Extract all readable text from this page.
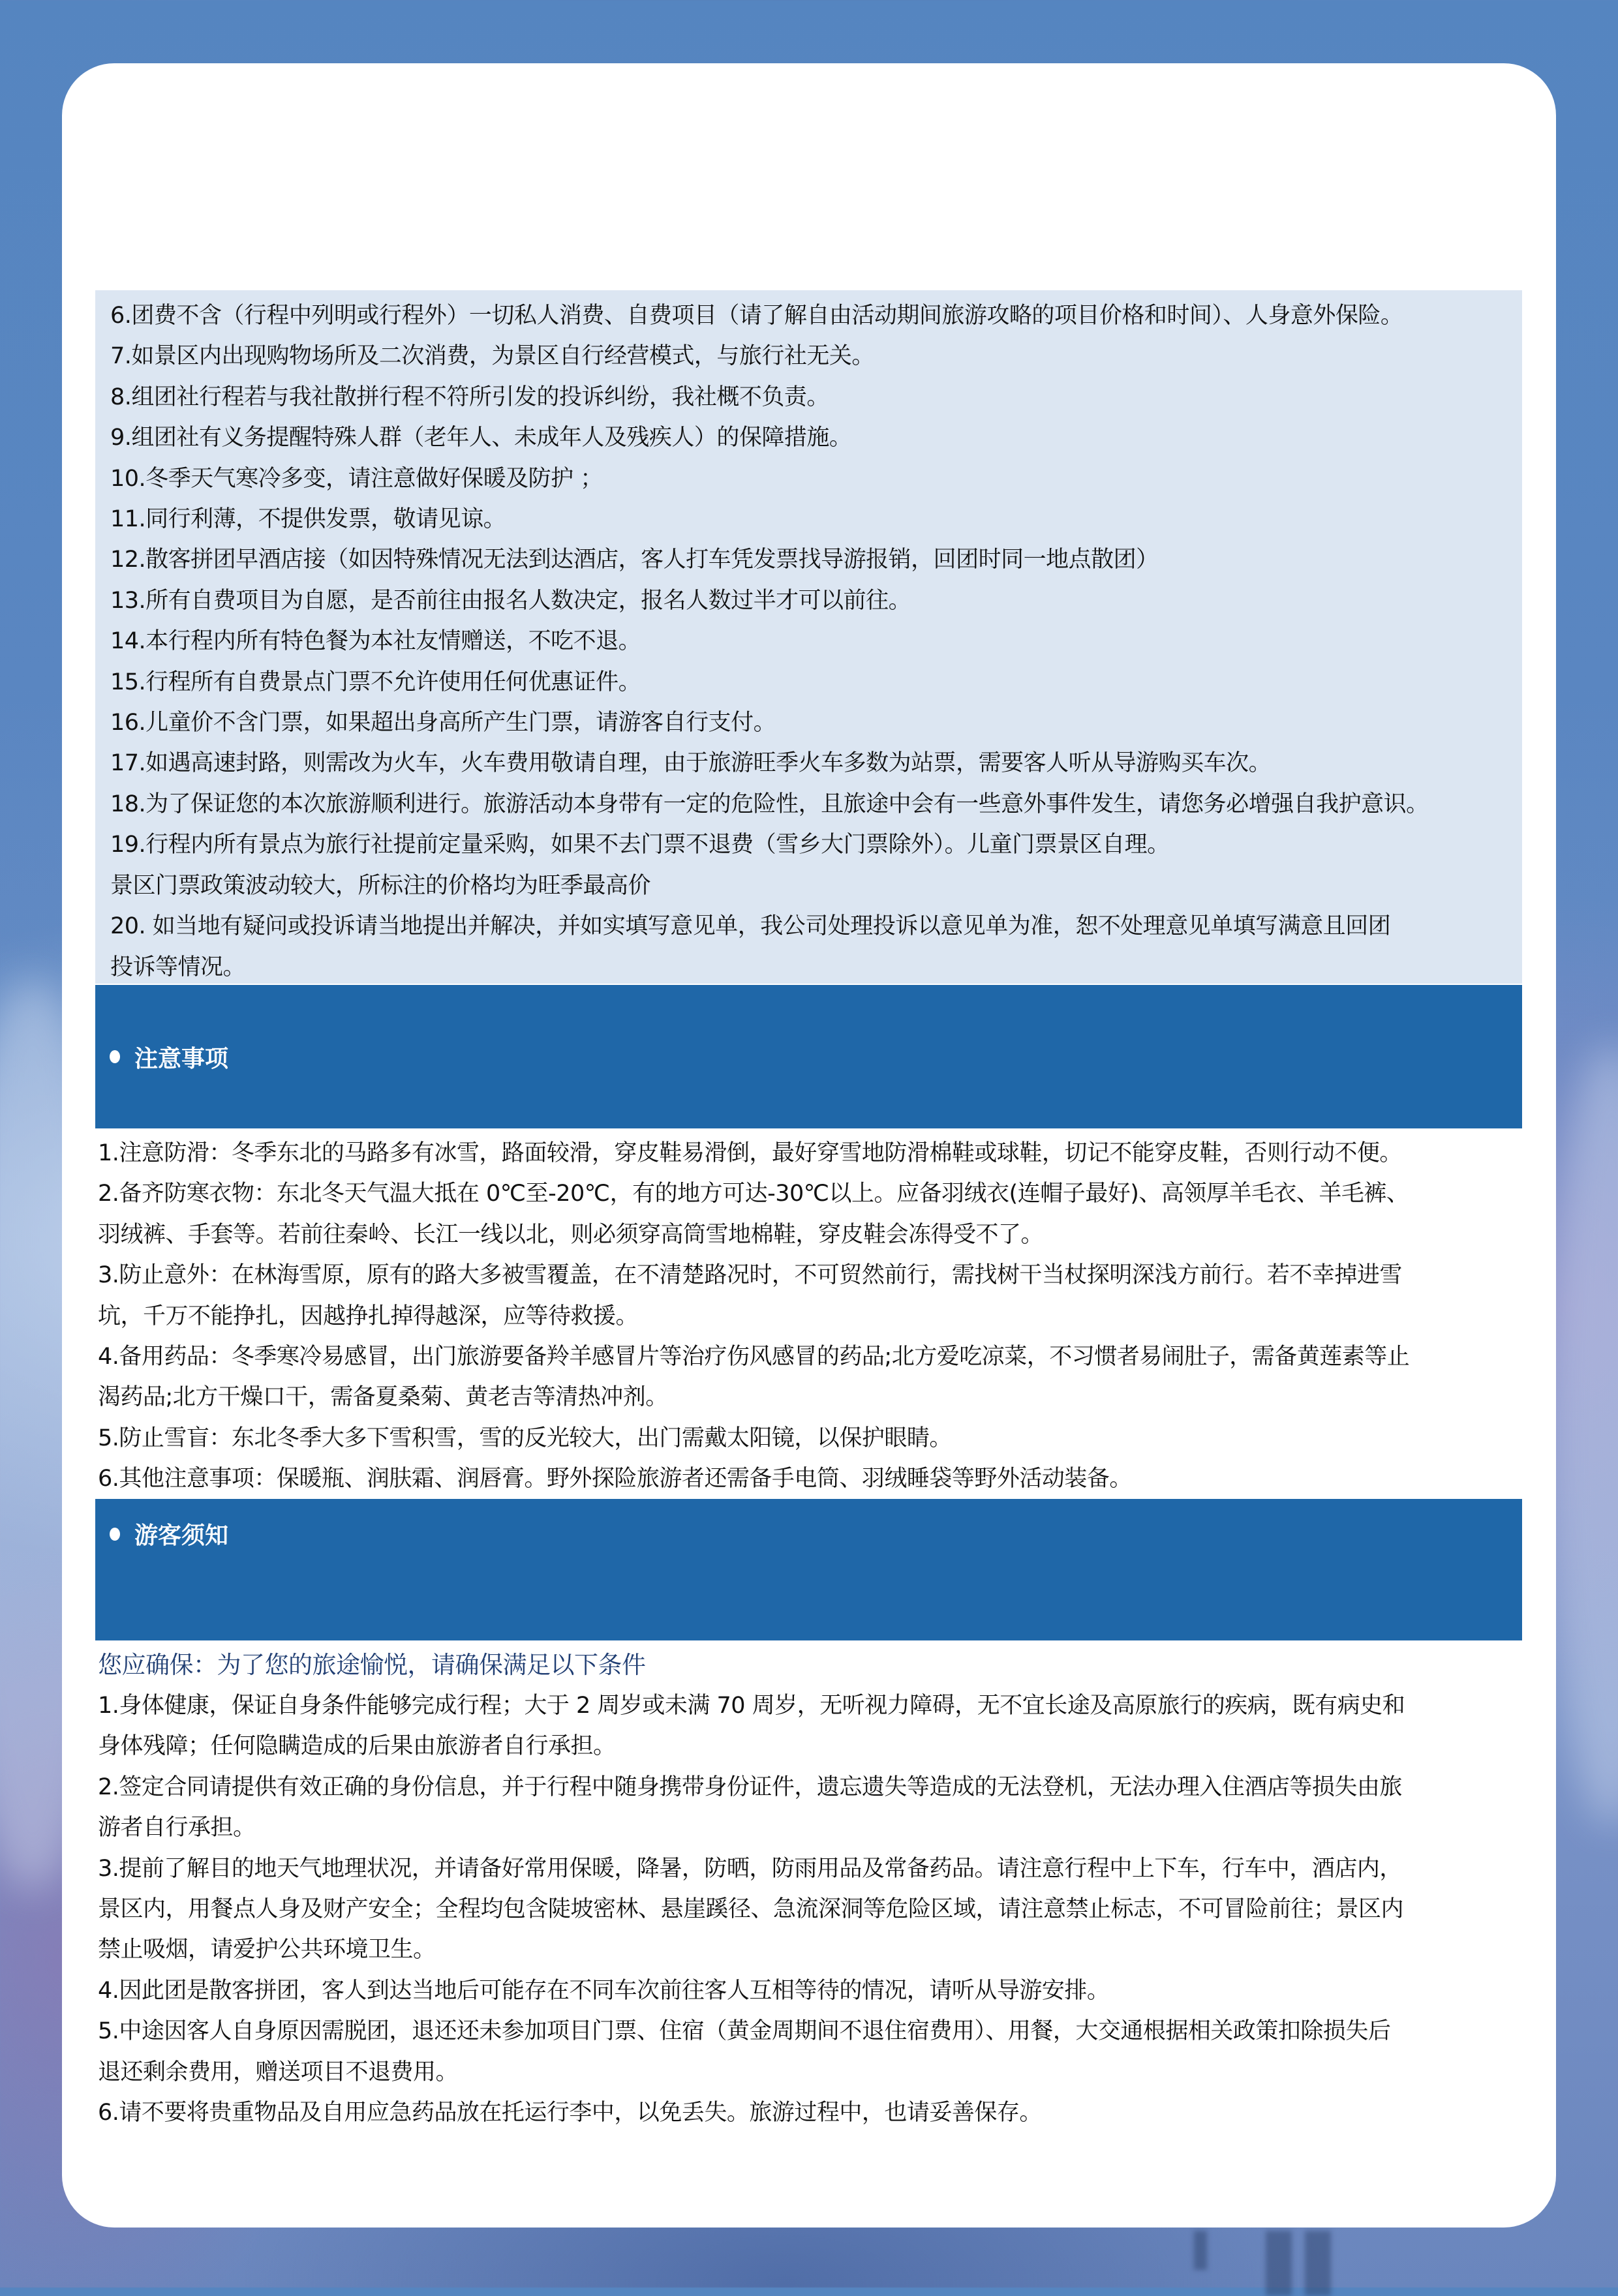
6.团费不含（行程中列明或行程外）一切私人消费、自费项目（请了解自由活动期间旅游攻略的项目价格和时间）、人身意外保险。
7.如景区内出现购物场所及二次消费，为景区自行经营模式，与旅行社无关。
8.组团社行程若与我社散拼行程不符所引发的投诉纠纷，我社概不负责。
9.组团社有义务提醒特殊人群（老年人、未成年人及残疾人）的保障措施。
10.冬季天气寒冷多变，请注意做好保暖及防护 ；
11.同行利薄，不提供发票，敬请见谅。
12.散客拼团早酒店接（如因特殊情况无法到达酒店，客人打车凭发票找导游报销，回团时同一地点散团）
13.所有自费项目为自愿，是否前往由报名人数决定，报名人数过半才可以前往。
14.本行程内所有特色餐为本社友情赠送，不吃不退。
15.行程所有自费景点门票不允许使用任何优惠证件。
16.儿童价不含门票，如果超出身高所产生门票，请游客自行支付。
17.如遇高速封路，则需改为火车，火车费用敬请自理，由于旅游旺季火车多数为站票，需要客人听从导游购买车次。
18.为了保证您的本次旅游顺利进行。旅游活动本身带有一定的危险性，且旅途中会有一些意外事件发生，请您务必增强自我护意识。
19.行程内所有景点为旅行社提前定量采购，如果不去门票不退费（雪乡大门票除外）。儿童门票景区自理。
景区门票政策波动较大，所标注的价格均为旺季最高价
20. 如当地有疑问或投诉请当地提出并解决，并如实填写意见单，我公司处理投诉以意见单为准，恕不处理意见单填写满意且回团
投诉等情况。
注意事项
1.注意防滑：冬季东北的马路多有冰雪，路面较滑，穿皮鞋易滑倒，最好穿雪地防滑棉鞋或球鞋，切记不能穿皮鞋，否则行动不便。
2.备齐防寒衣物：东北冬天气温大抵在 0℃至-20℃，有的地方可达-30℃以上。应备羽绒衣(连帽子最好)、高领厚羊毛衣、羊毛裤、
羽绒裤、手套等。若前往秦岭、长江一线以北，则必须穿高筒雪地棉鞋，穿皮鞋会冻得受不了。
3.防止意外：在林海雪原，原有的路大多被雪覆盖，在不清楚路况时，不可贸然前行，需找树干当杖探明深浅方前行。若不幸掉进雪
坑，千万不能挣扎，因越挣扎掉得越深，应等待救援。
4.备用药品：冬季寒冷易感冒，出门旅游要备羚羊感冒片等治疗伤风感冒的药品;北方爱吃凉菜，不习惯者易闹肚子，需备黄莲素等止
渴药品;北方干燥口干，需备夏桑菊、黄老吉等清热冲剂。
5.防止雪盲：东北冬季大多下雪积雪，雪的反光较大，出门需戴太阳镜，以保护眼睛。
6.其他注意事项：保暖瓶、润肤霜、润唇膏。野外探险旅游者还需备手电筒、羽绒睡袋等野外活动装备。
游客须知
您应确保：为了您的旅途愉悦，请确保满足以下条件
1.身体健康，保证自身条件能够完成行程；大于 2 周岁或未满 70 周岁，无听视力障碍，无不宜长途及高原旅行的疾病，既有病史和
身体残障；任何隐瞒造成的后果由旅游者自行承担。
2.签定合同请提供有效正确的身份信息，并于行程中随身携带身份证件，遗忘遗失等造成的无法登机，无法办理入住酒店等损失由旅
游者自行承担。
3.提前了解目的地天气地理状况，并请备好常用保暖，降暑，防晒，防雨用品及常备药品。请注意行程中上下车，行车中，酒店内，
景区内，用餐点人身及财产安全；全程均包含陡坡密林、悬崖蹊径、急流深洞等危险区域，请注意禁止标志，不可冒险前往；景区内
禁止吸烟，请爱护公共环境卫生。
4.因此团是散客拼团，客人到达当地后可能存在不同车次前往客人互相等待的情况，请听从导游安排。
5.中途因客人自身原因需脱团，退还还未参加项目门票、住宿（黄金周期间不退住宿费用）、用餐，大交通根据相关政策扣除损失后
退还剩余费用，赠送项目不退费用。
6.请不要将贵重物品及自用应急药品放在托运行李中，以免丢失。旅游过程中，也请妥善保存。
